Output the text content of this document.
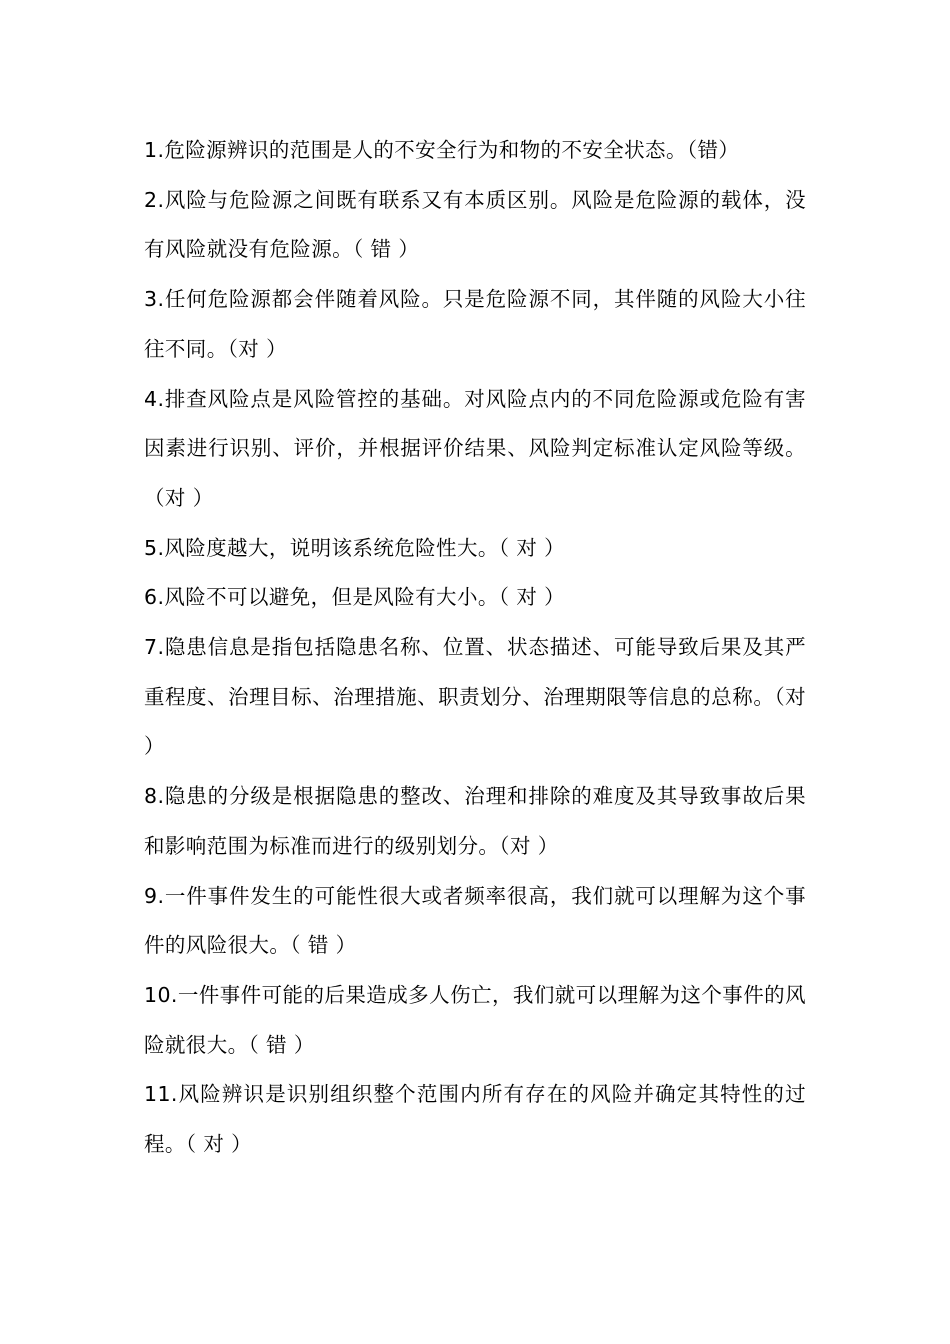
1.危险源辨识的范围是人的不安全行为和物的不安全状态。（错）

2.风险与危险源之间既有联系又有本质区别。风险是危险源的载体，没有风险就没有危险源。（ 错 ）

3.任何危险源都会伴随着风险。只是危险源不同，其伴随的风险大小往往不同。（对 ）

4.排查风险点是风险管控的基础。对风险点内的不同危险源或危险有害因素进行识别、评价，并根据评价结果、风险判定标准认定风险等级。（对 ）

5.风险度越大，说明该系统危险性大。（ 对 ）

6.风险不可以避免，但是风险有大小。（ 对 ）

7.隐患信息是指包括隐患名称、位置、状态描述、可能导致后果及其严重程度、治理目标、治理措施、职责划分、治理期限等信息的总称。（对 ）

8.隐患的分级是根据隐患的整改、治理和排除的难度及其导致事故后果和影响范围为标准而进行的级别划分。（对 ）

9.一件事件发生的可能性很大或者频率很高，我们就可以理解为这个事件的风险很大。（ 错 ）

10.一件事件可能的后果造成多人伤亡，我们就可以理解为这个事件的风险就很大。（ 错 ）

11.风险辨识是识别组织整个范围内所有存在的风险并确定其特性的过程。（ 对 ）
